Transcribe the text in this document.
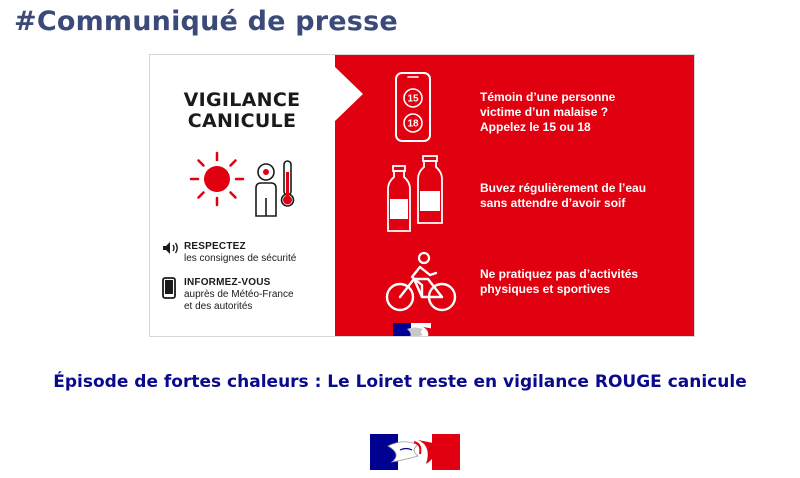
#Communiqué de presse
VIGILANCE
CANICULE
RESPECTEZ
les consignes de sécurité
INFORMEZ-VOUS
auprès de Météo-France
et des autorités
15
18
Témoin d’une personne
victime d’un malaise ?
Appelez le 15 ou 18
Buvez régulièrement de l’eau
sans attendre d’avoir soif
Ne pratiquez pas d’activités
physiques et sportives
Épisode de fortes chaleurs : Le Loiret reste en vigilance ROUGE canicule
